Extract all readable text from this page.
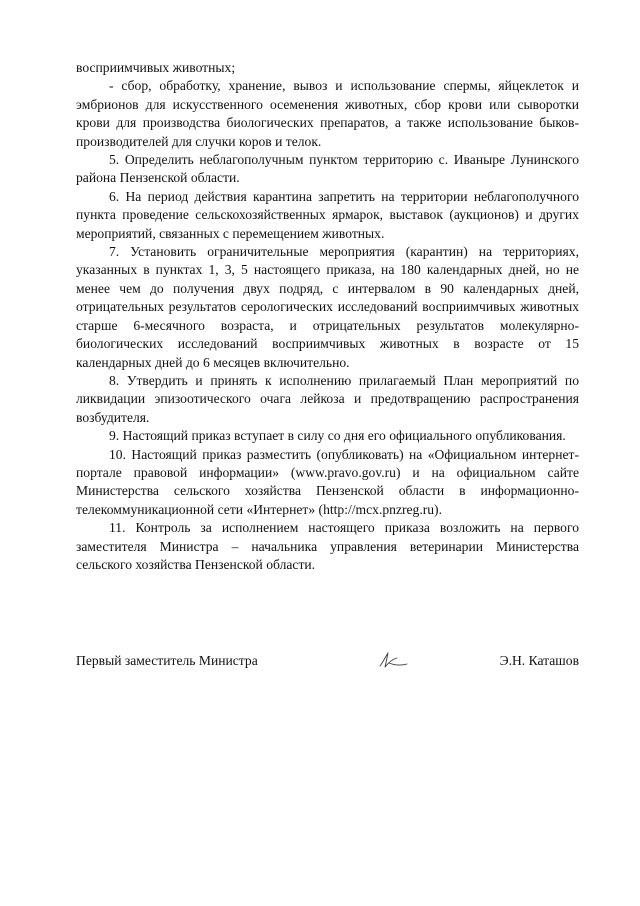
восприимчивых животных;

- сбор, обработку, хранение, вывоз и использование спермы, яйцеклеток и эмбрионов для искусственного осеменения животных, сбор крови или сыворотки крови для производства биологических препаратов, а также использование быков-производителей для случки коров и телок.

5. Определить неблагополучным пунктом территорию с. Иваныре Лунинского района Пензенской области.

6. На период действия карантина запретить на территории неблагополучного пункта проведение сельскохозяйственных ярмарок, выставок (аукционов) и других мероприятий, связанных с перемещением животных.

7. Установить ограничительные мероприятия (карантин) на территориях, указанных в пунктах 1, 3, 5 настоящего приказа, на 180 календарных дней, но не менее чем до получения двух подряд, с интервалом в 90 календарных дней, отрицательных результатов серологических исследований восприимчивых животных старше 6-месячного возраста, и отрицательных результатов молекулярно-биологических исследований восприимчивых животных в возрасте от 15 календарных дней до 6 месяцев включительно.

8. Утвердить и принять к исполнению прилагаемый План мероприятий по ликвидации эпизоотического очага лейкоза и предотвращению распространения возбудителя.

9. Настоящий приказ вступает в силу со дня его официального опубликования.

10. Настоящий приказ разместить (опубликовать) на «Официальном интернет-портале правовой информации» (www.pravo.gov.ru) и на официальном сайте Министерства сельского хозяйства Пензенской области в информационно-телекоммуникационной сети «Интернет» (http://mcx.pnzreg.ru).

11. Контроль за исполнением настоящего приказа возложить на первого заместителя Министра – начальника управления ветеринарии Министерства сельского хозяйства Пензенской области.

Первый заместитель Министра	Э.Н. Каташов
